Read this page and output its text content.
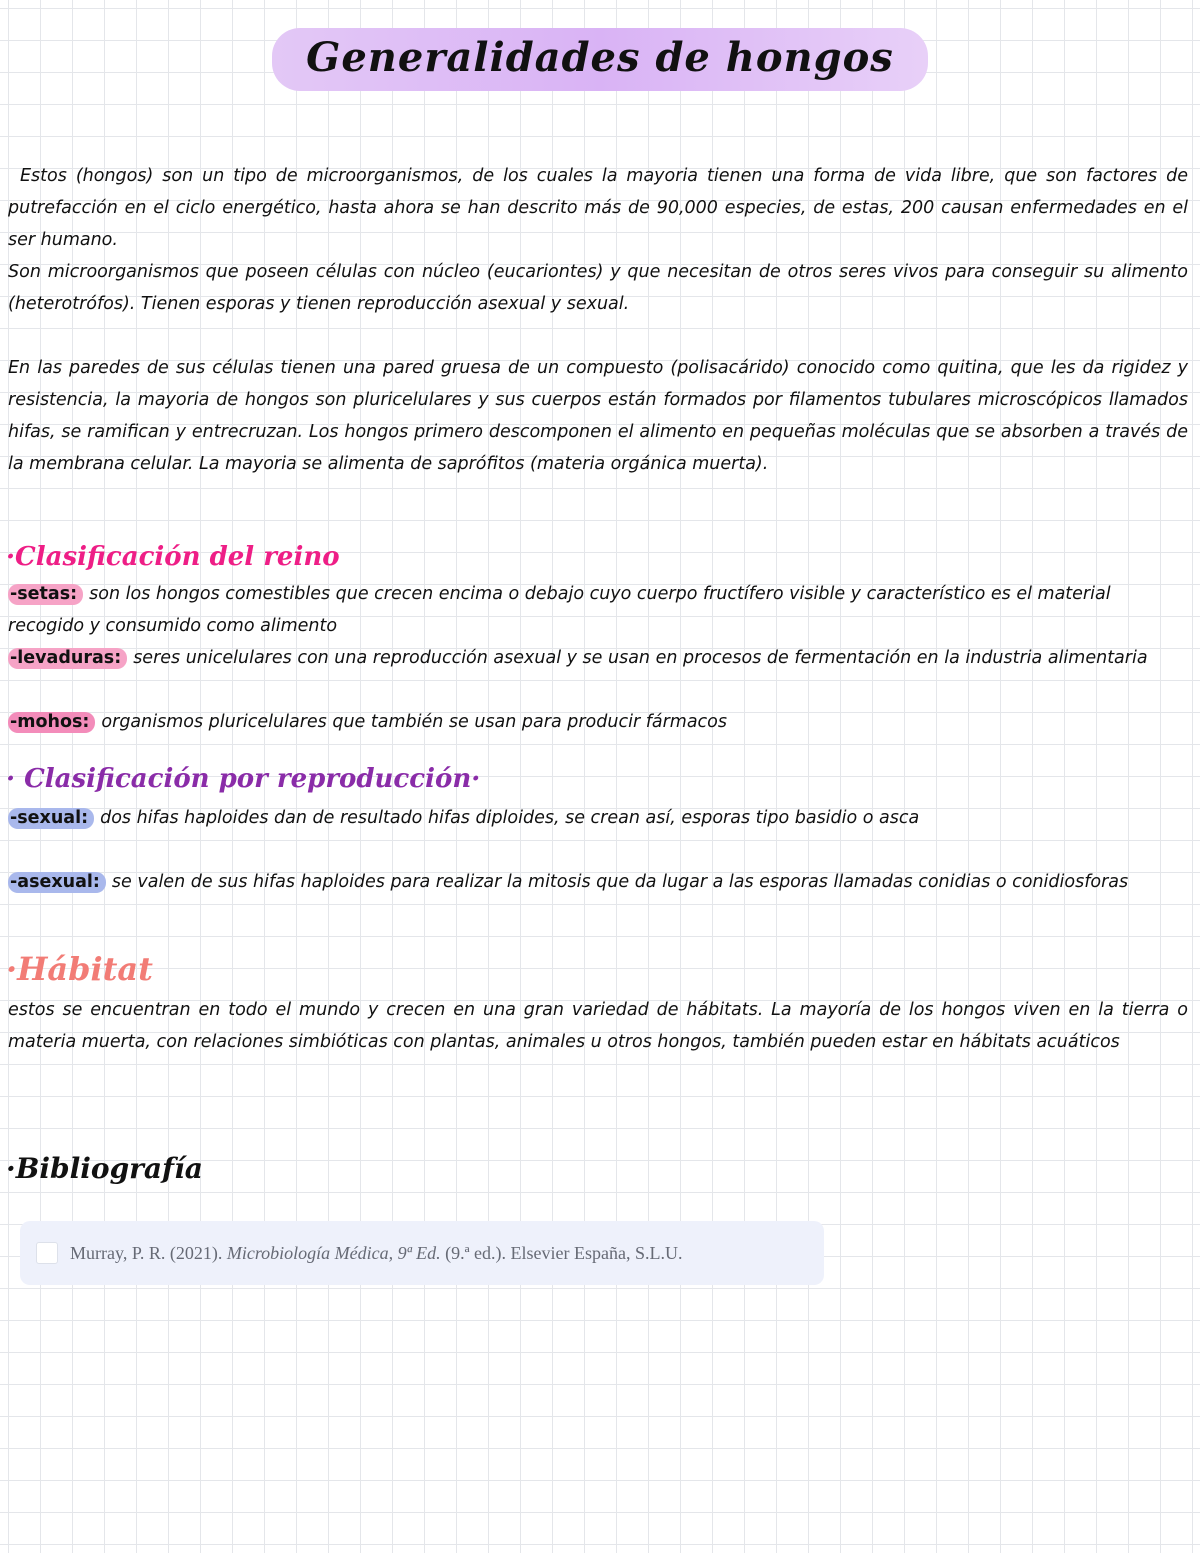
Generalidades de hongos

Estos (hongos) son un tipo de microorganismos, de los cuales la mayoria tienen una forma de vida libre, que son factores de putrefacción en el ciclo energético, hasta ahora se han descrito más de 90,000 especies, de estas, 200 causan enfermedades en el ser humano.

Son microorganismos que poseen células con núcleo (eucariontes) y que necesitan de otros seres vivos para conseguir su alimento (heterotrófos). Tienen esporas y tienen reproducción asexual y sexual.

En las paredes de sus células tienen una pared gruesa de un compuesto (polisacárido) conocido como quitina, que les da rigidez y resistencia, la mayoria de hongos son pluricelulares y sus cuerpos están formados por filamentos tubulares microscópicos llamados hifas, se ramifican y entrecruzan. Los hongos primero descomponen el alimento en pequeñas moléculas que se absorben a través de la membrana celular. La mayoria se alimenta de saprófitos (materia orgánica muerta).

·Clasificación del reino

-setas: son los hongos comestibles que crecen encima o debajo cuyo cuerpo fructífero visible y característico es el material recogido y consumido como alimento

-levaduras: seres unicelulares con una reproducción asexual y se usan en procesos de fermentación en la industria alimentaria

-mohos: organismos pluricelulares que también se usan para producir fármacos

· Clasificación por reproducción·

-sexual: dos hifas haploides dan de resultado hifas diploides, se crean así, esporas tipo basidio o asca

-asexual: se valen de sus hifas haploides para realizar la mitosis que da lugar a las esporas llamadas conidias o conidiosforas

·Hábitat

estos se encuentran en todo el mundo y crecen en una gran variedad de hábitats. La mayoría de los hongos viven en la tierra o materia muerta, con relaciones simbióticas con plantas, animales u otros hongos, también pueden estar en hábitats acuáticos

·Bibliografía
Murray, P. R. (2021). Microbiología Médica, 9ª Ed. (9.ª ed.). Elsevier España, S.L.U.
